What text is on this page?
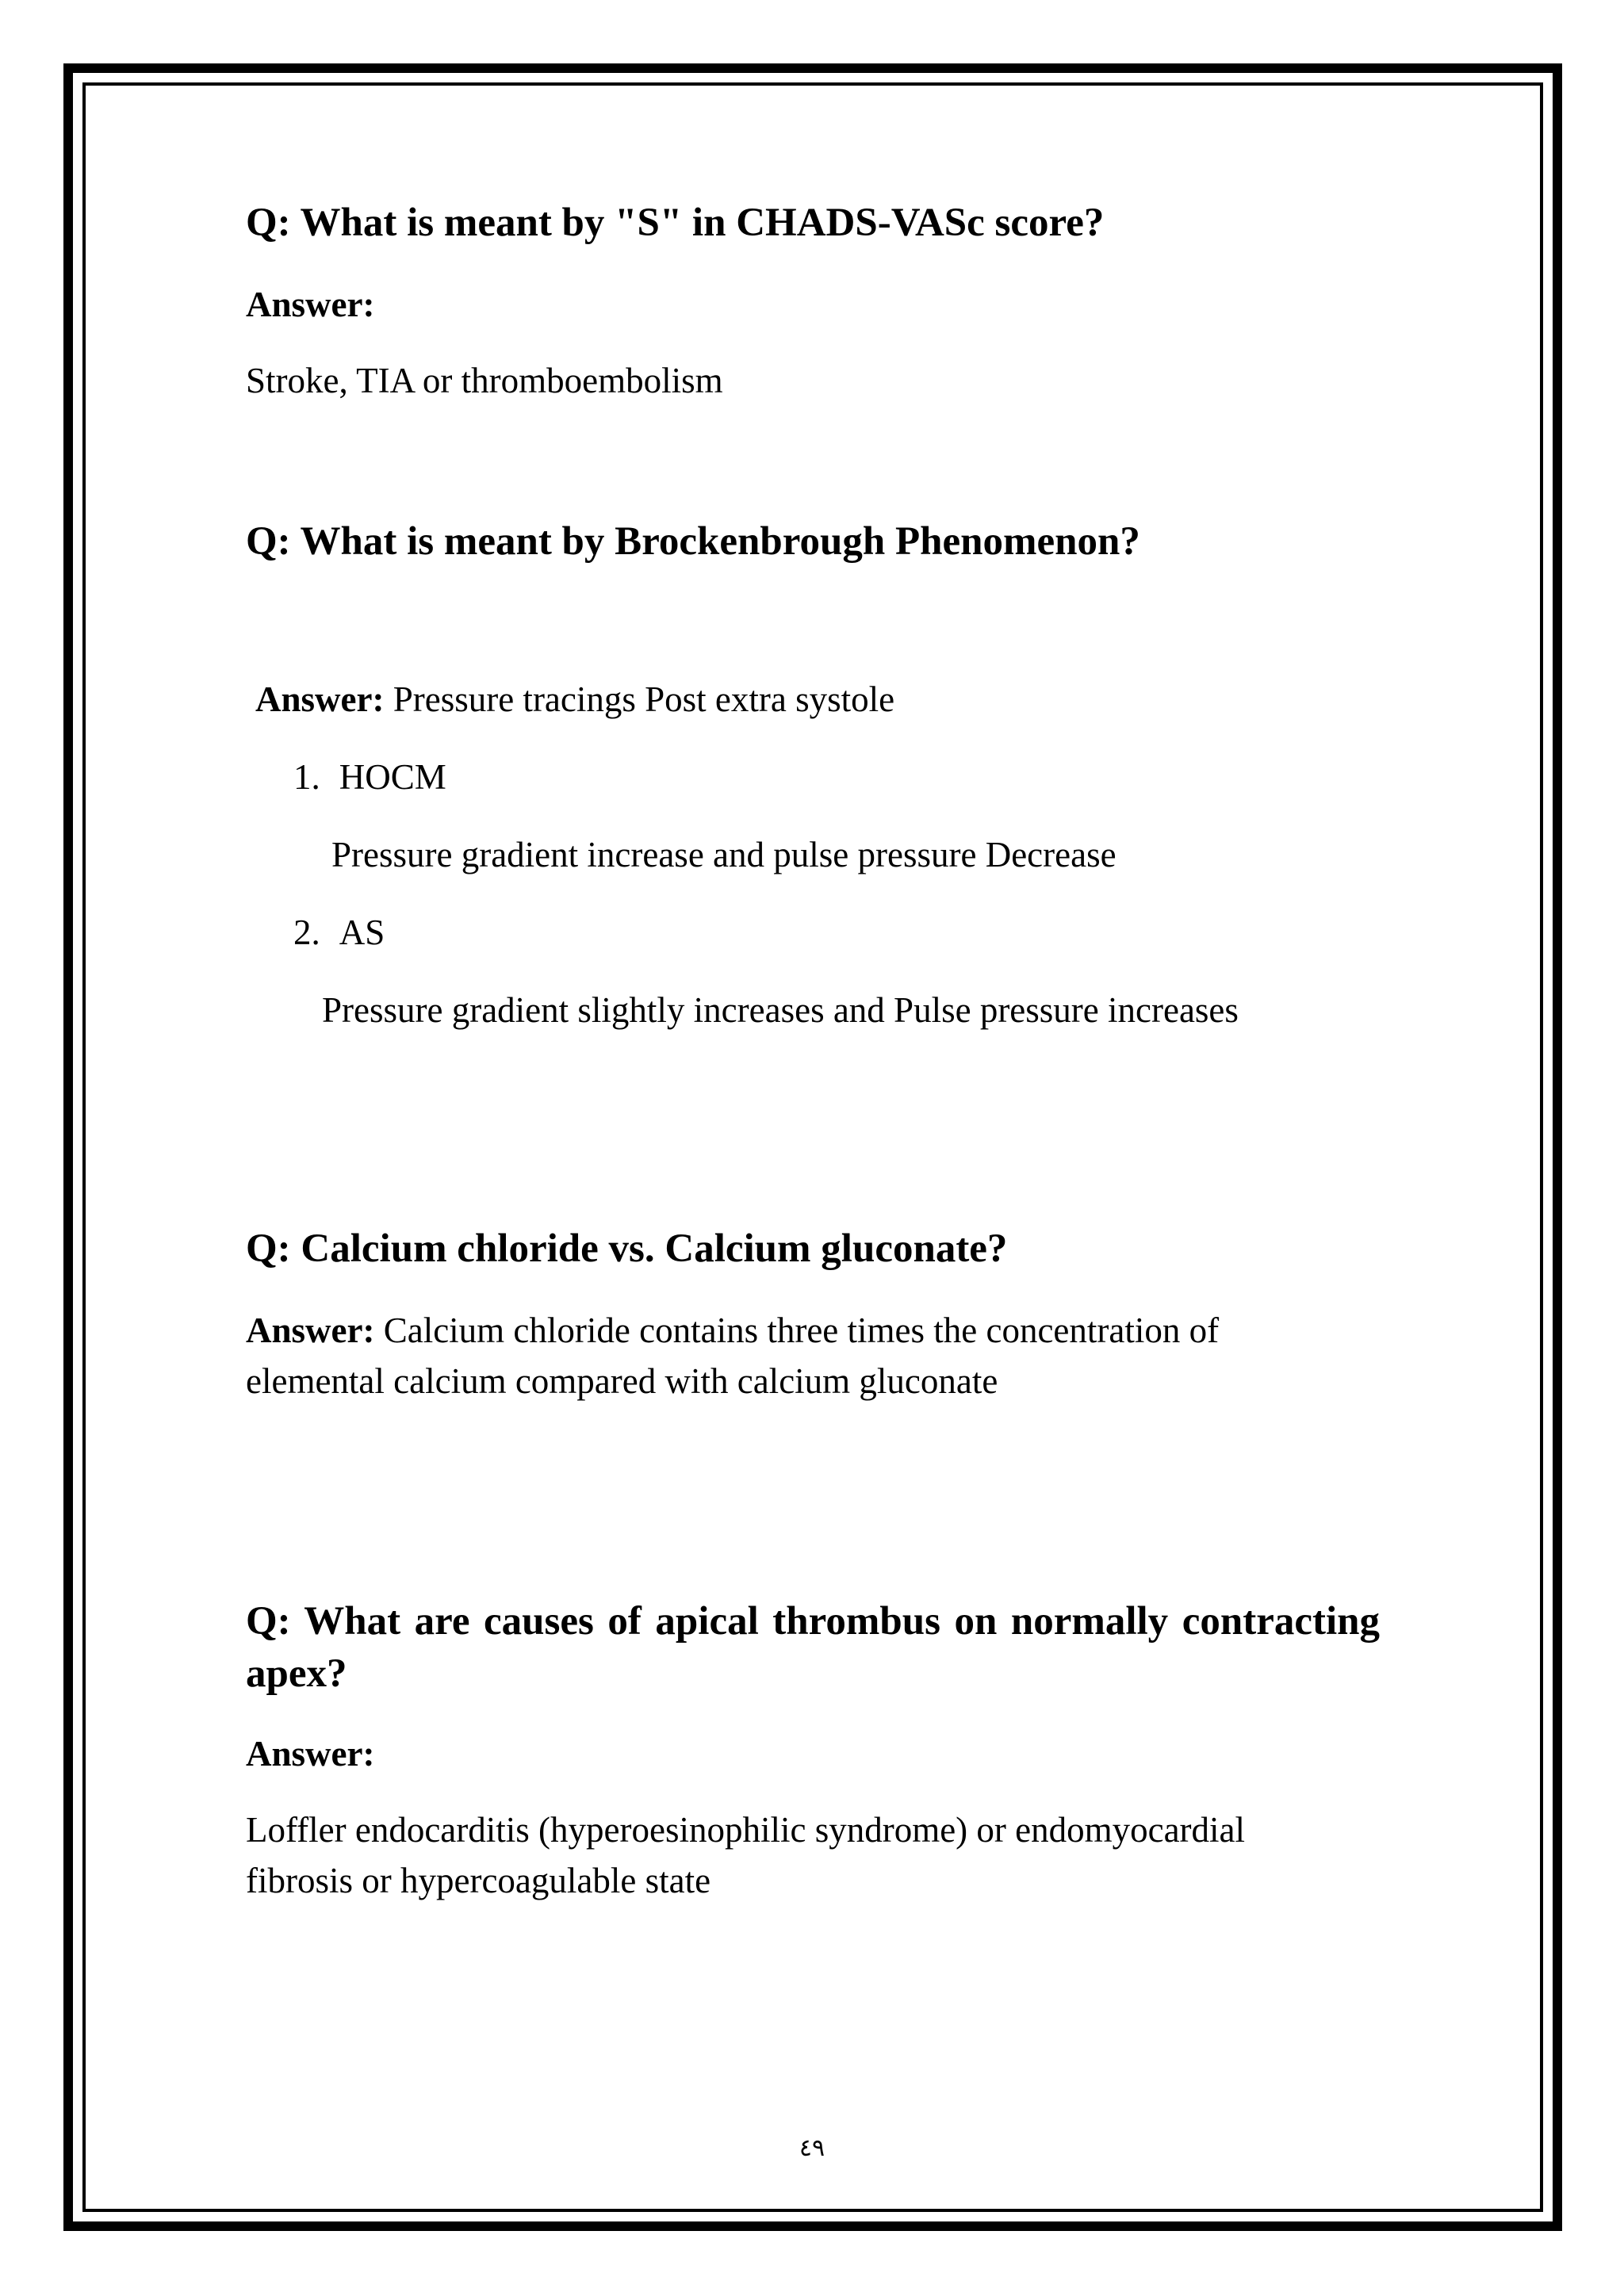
Q: What is meant by "S" in CHADS-VASc score?

Answer:

Stroke, TIA or thromboembolism

Q: What is meant by Brockenbrough Phenomenon?

Answer: Pressure tracings Post extra systole

1. HOCM

Pressure gradient increase and pulse pressure Decrease

2. AS

Pressure gradient slightly increases and Pulse pressure increases

Q: Calcium chloride vs. Calcium gluconate?

Answer: Calcium chloride contains three times the concentration of elemental calcium compared with calcium gluconate

Q: What are causes of apical thrombus on normally contracting apex?

Answer:

Loffler endocarditis (hyperoesinophilic syndrome) or endomyocardial fibrosis or hypercoagulable state

٤٩
